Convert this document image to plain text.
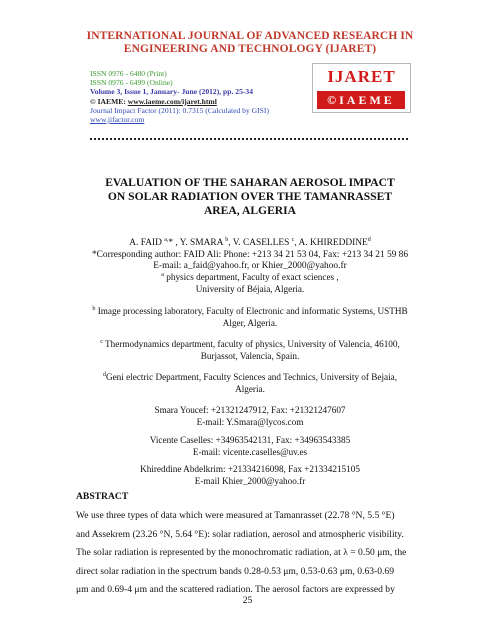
INTERNATIONAL JOURNAL OF ADVANCED RESEARCH IN
ENGINEERING AND TECHNOLOGY (IJARET)
ISSN 0976 - 6480 (Print)
ISSN 0976 - 6499 (Online)
Volume 3, Issue 1, January- June (2012), pp. 25-34
© IAEME: www.iaeme.com/ijaret.html
Journal Impact Factor (2011): 0.7315 (Calculated by GISI)
www.jifactor.com
IJARET
©IAEME
EVALUATION OF THE SAHARAN AEROSOL IMPACT
ON SOLAR RADIATION OVER THE TAMANRASSET
AREA, ALGERIA
A. FAID $^{a,}$* , Y. SMARA $^b$, V. CASELLES $^c$, A. KHIREDDINE$^d$
*Corresponding author: FAID Ali: Phone: +213 34 21 53 04, Fax: +213 34 21 59 86
E-mail: a_faid@yahoo.fr, or Khier_2000@yahoo.fr
$^a$ physics department, Faculty of exact sciences ,
University of Béjaia, Algeria.
$^b$ Image processing laboratory, Faculty of Electronic and informatic Systems, USTHB
Alger, Algeria.
$^c$ Thermodynamics department, faculty of physics, University of Valencia, 46100,
Burjassot, Valencia, Spain.
$^d$Geni electric Department, Faculty Sciences and Technics, University of Bejaia,
Algeria.
Smara Youcef: +21321247912, Fax: +21321247607
E-mail: Y.Smara@lycos.com
Vicente Caselles: +34963542131, Fax: +34963543385
E-mail: vicente.caselles@uv.es
Khireddine Abdelkrim: +21334216098, Fax +21334215105
E-mail Khier_2000@yahoo.fr
ABSTRACT
We use three types of data which were measured at Tamanrasset (22.78 °N, 5.5 °E)
and Assekrem (23.26 °N, 5.64 °E): solar radiation, aerosol and atmospheric visibility.
The solar radiation is represented by the monochromatic radiation, at λ = 0.50 μm, the
direct solar radiation in the spectrum bands 0.28-0.53 μm, 0.53-0.63 μm, 0.63-0.69
μm and 0.69-4 μm and the scattered radiation. The aerosol factors are expressed by
25
